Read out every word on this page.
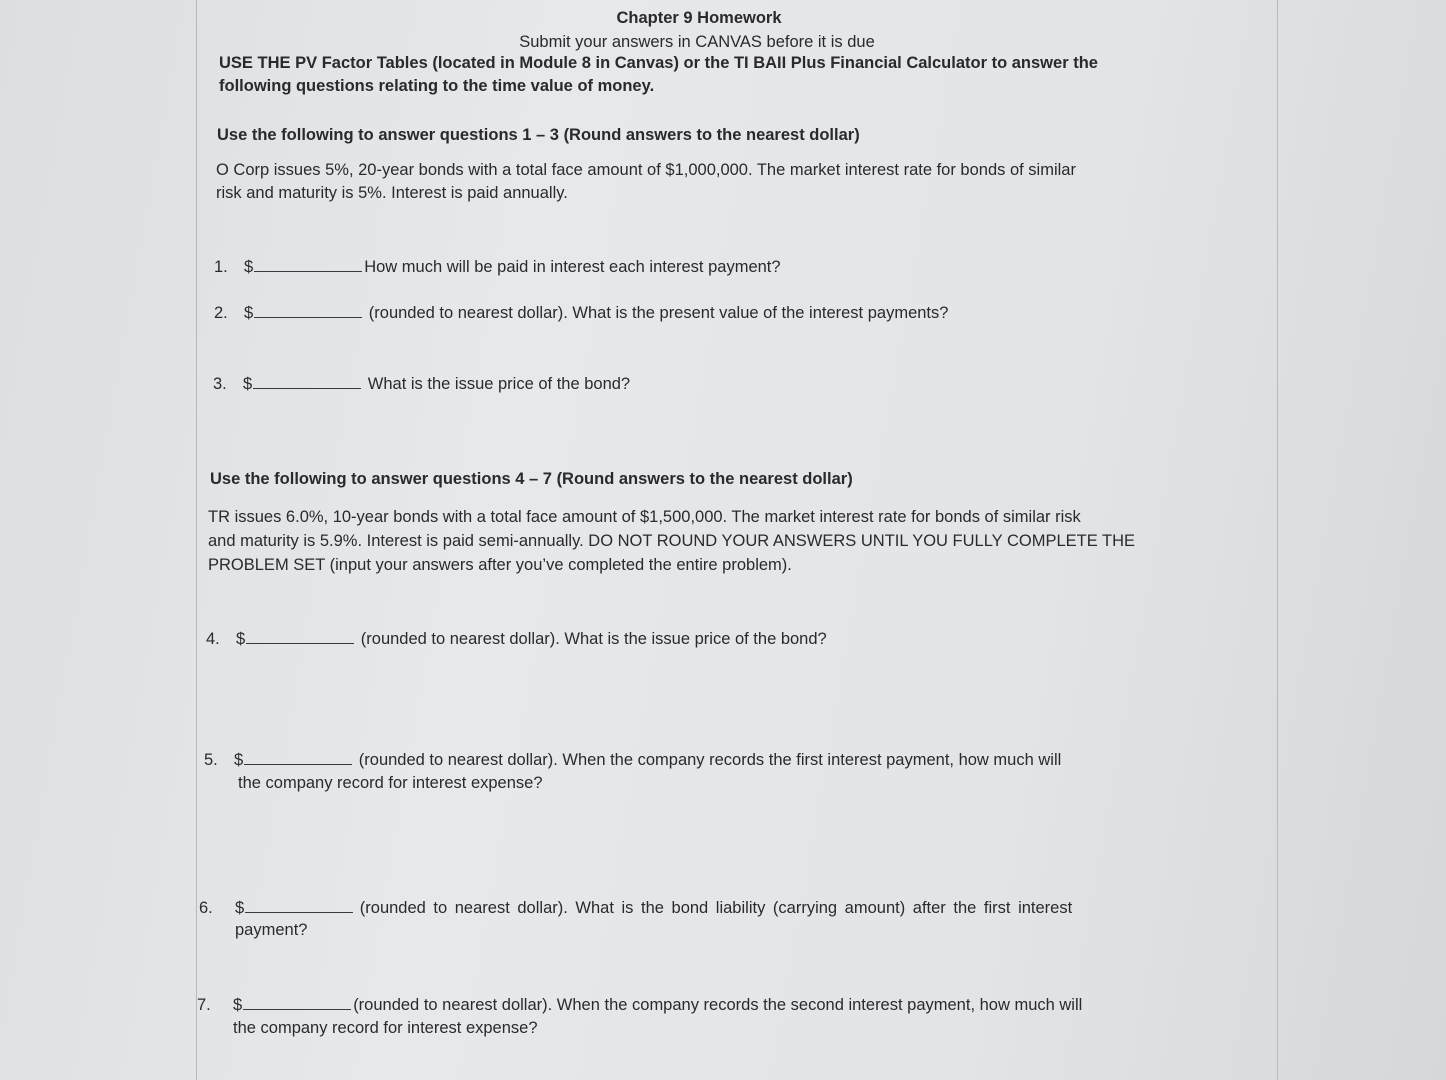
Chapter 9 Homework
Submit your answers in CANVAS before it is due
USE THE PV Factor Tables (located in Module 8 in Canvas) or the TI BAII Plus Financial Calculator to answer the
following questions relating to the time value of money.
Use the following to answer questions 1 – 3 (Round answers to the nearest dollar)
O Corp issues 5%, 20-year bonds with a total face amount of $1,000,000. The market interest rate for bonds of similar
risk and maturity is 5%. Interest is paid annually.
1. $	How much will be paid in interest each interest payment?
2. $	(rounded to nearest dollar). What is the present value of the interest payments?
3. $	What is the issue price of the bond?
Use the following to answer questions 4 – 7 (Round answers to the nearest dollar)
TR issues 6.0%, 10-year bonds with a total face amount of $1,500,000. The market interest rate for bonds of similar risk
and maturity is 5.9%. Interest is paid semi-annually. DO NOT ROUND YOUR ANSWERS UNTIL YOU FULLY COMPLETE THE
PROBLEM SET (input your answers after you’ve completed the entire problem).
4. $	(rounded to nearest dollar). What is the issue price of the bond?
5. $	(rounded to nearest dollar). When the company records the first interest payment, how much will
the company record for interest expense?
6. $	(rounded to nearest dollar). What is the bond liability (carrying amount) after the first interest
payment?
7. $	(rounded to nearest dollar). When the company records the second interest payment, how much will
the company record for interest expense?
